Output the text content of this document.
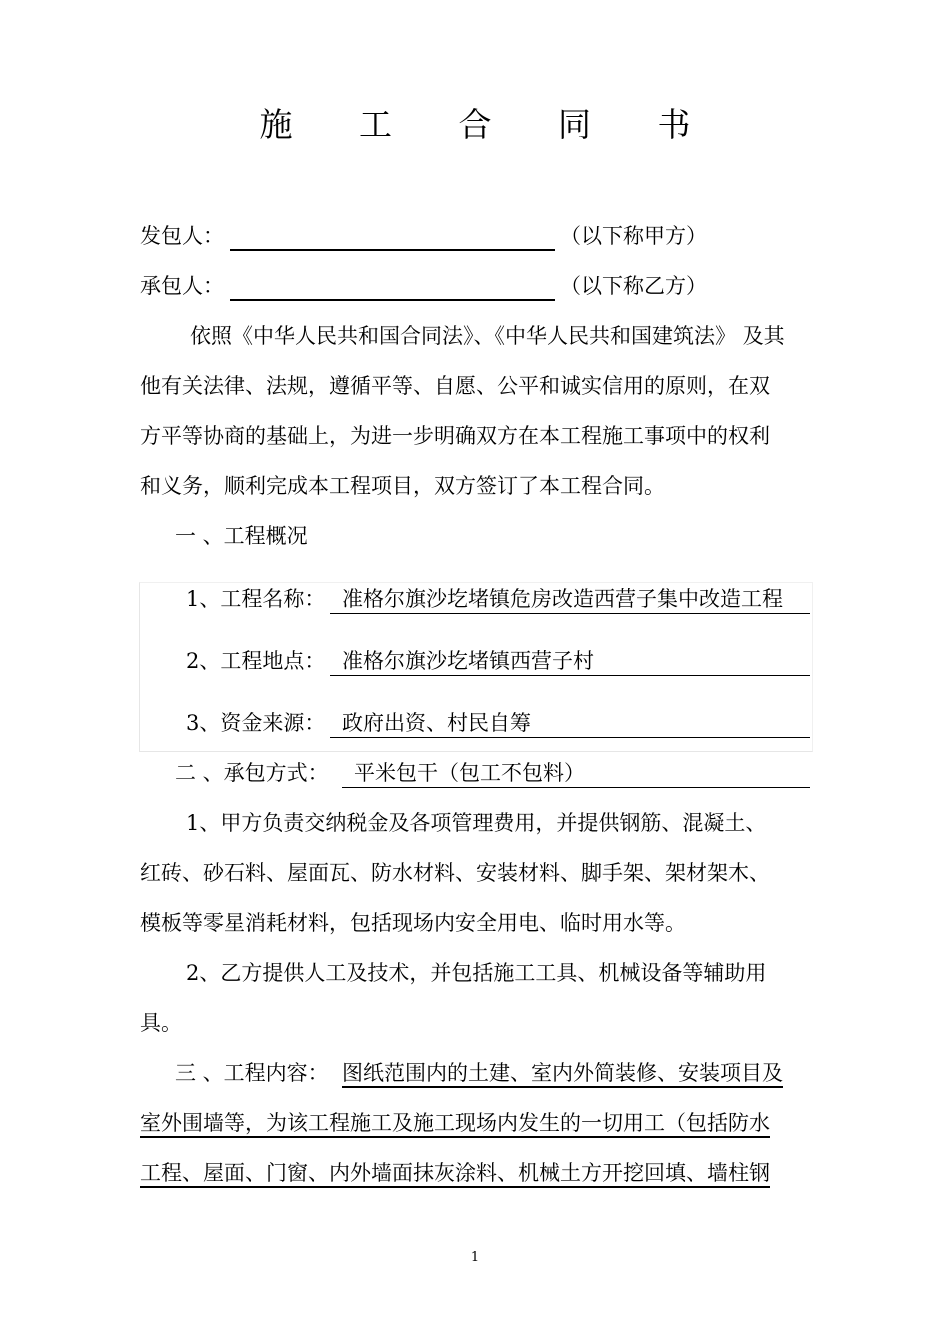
施 工 合 同 书
发包人：	（以下称甲方）
承包人：	（以下称乙方）
依照《中华人民共和国合同法》、《中华人民共和国建筑法》 及其
他有关法律、法规，遵循平等、自愿、公平和诚实信用的原则，在双
方平等协商的基础上，为进一步明确双方在本工程施工事项中的权利
和义务，顺利完成本工程项目，双方签订了本工程合同。
一 、工程概况
1、工程名称： 准格尔旗沙圪堵镇危房改造西营子集中改造工程
2、工程地点： 准格尔旗沙圪堵镇西营子村
3、资金来源： 政府出资、村民自筹
二 、承包方式：	平米包干（包工不包料）
1、甲方负责交纳税金及各项管理费用，并提供钢筋、混凝土、
红砖、砂石料、屋面瓦、防水材料、安装材料、脚手架、架材架木、
模板等零星消耗材料，包括现场内安全用电、临时用水等。
2、乙方提供人工及技术，并包括施工工具、机械设备等辅助用
具。
三 、工程内容： 图纸范围内的土建、室内外简装修、安装项目及
室外围墙等，为该工程施工及施工现场内发生的一切用工（包括防水
工程、屋面、门窗、内外墙面抹灰涂料、机械土方开挖回填、墙柱钢
1
